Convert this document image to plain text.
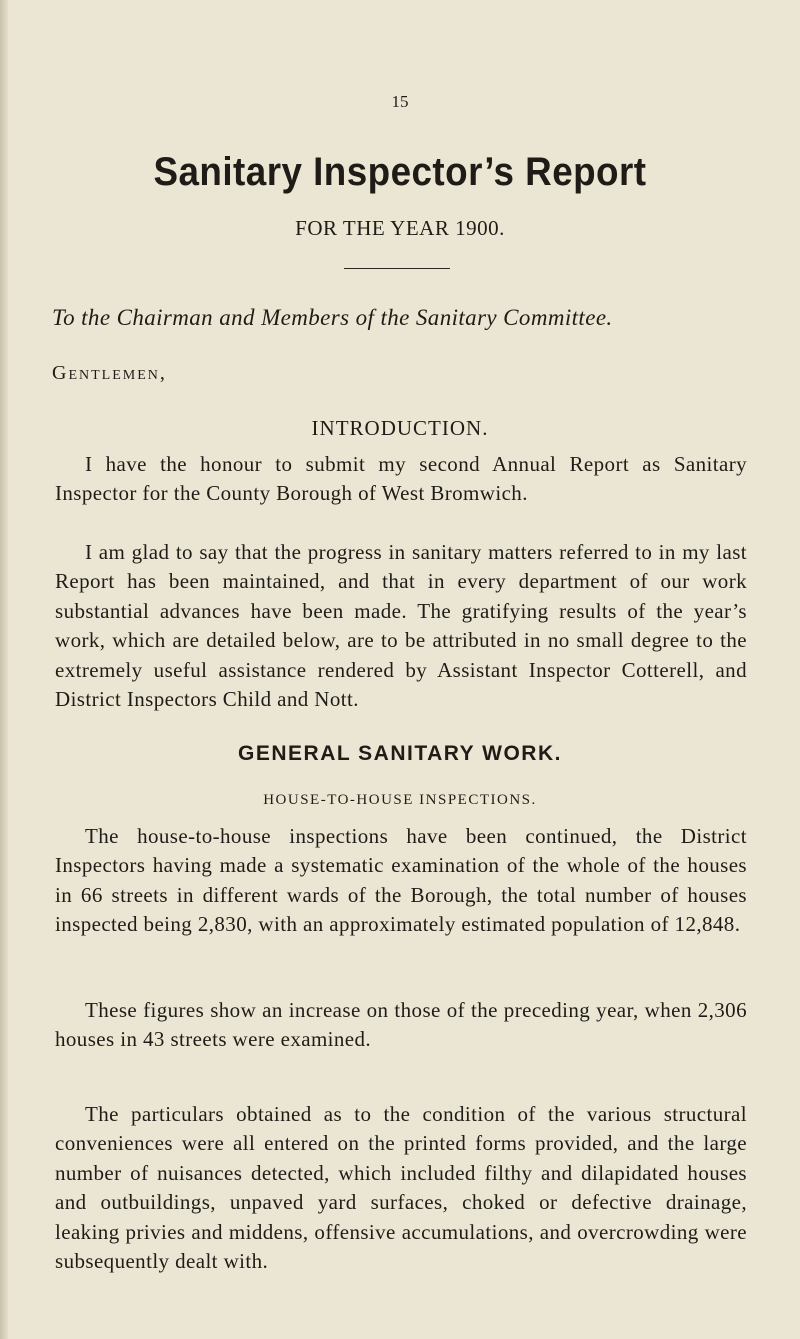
15
Sanitary Inspector’s Report
FOR THE YEAR 1900.
To the Chairman and Members of the Sanitary Committee.
Gentlemen,
INTRODUCTION.

I have the honour to submit my second Annual Report as Sanitary Inspector for the County Borough of West Bromwich.

I am glad to say that the progress in sanitary matters referred to in my last Report has been maintained, and that in every department of our work substantial advances have been made. The gratifying results of the year’s work, which are detailed below, are to be attributed in no small degree to the extremely useful assistance rendered by Assistant Inspector Cotterell, and District Inspectors Child and Nott.

GENERAL SANITARY WORK.
HOUSE-TO-HOUSE INSPECTIONS.

The house-to-house inspections have been continued, the District Inspectors having made a systematic examination of the whole of the houses in 66 streets in different wards of the Borough, the total number of houses inspected being 2,830, with an approximately estimated population of 12,848.

These figures show an increase on those of the preceding year, when 2,306 houses in 43 streets were examined.

The particulars obtained as to the condition of the various structural conveniences were all entered on the printed forms provided, and the large number of nuisances detected, which included filthy and dilapidated houses and outbuildings, unpaved yard surfaces, choked or defective drainage, leaking privies and middens, offensive accumulations, and overcrowding were subsequently dealt with.
